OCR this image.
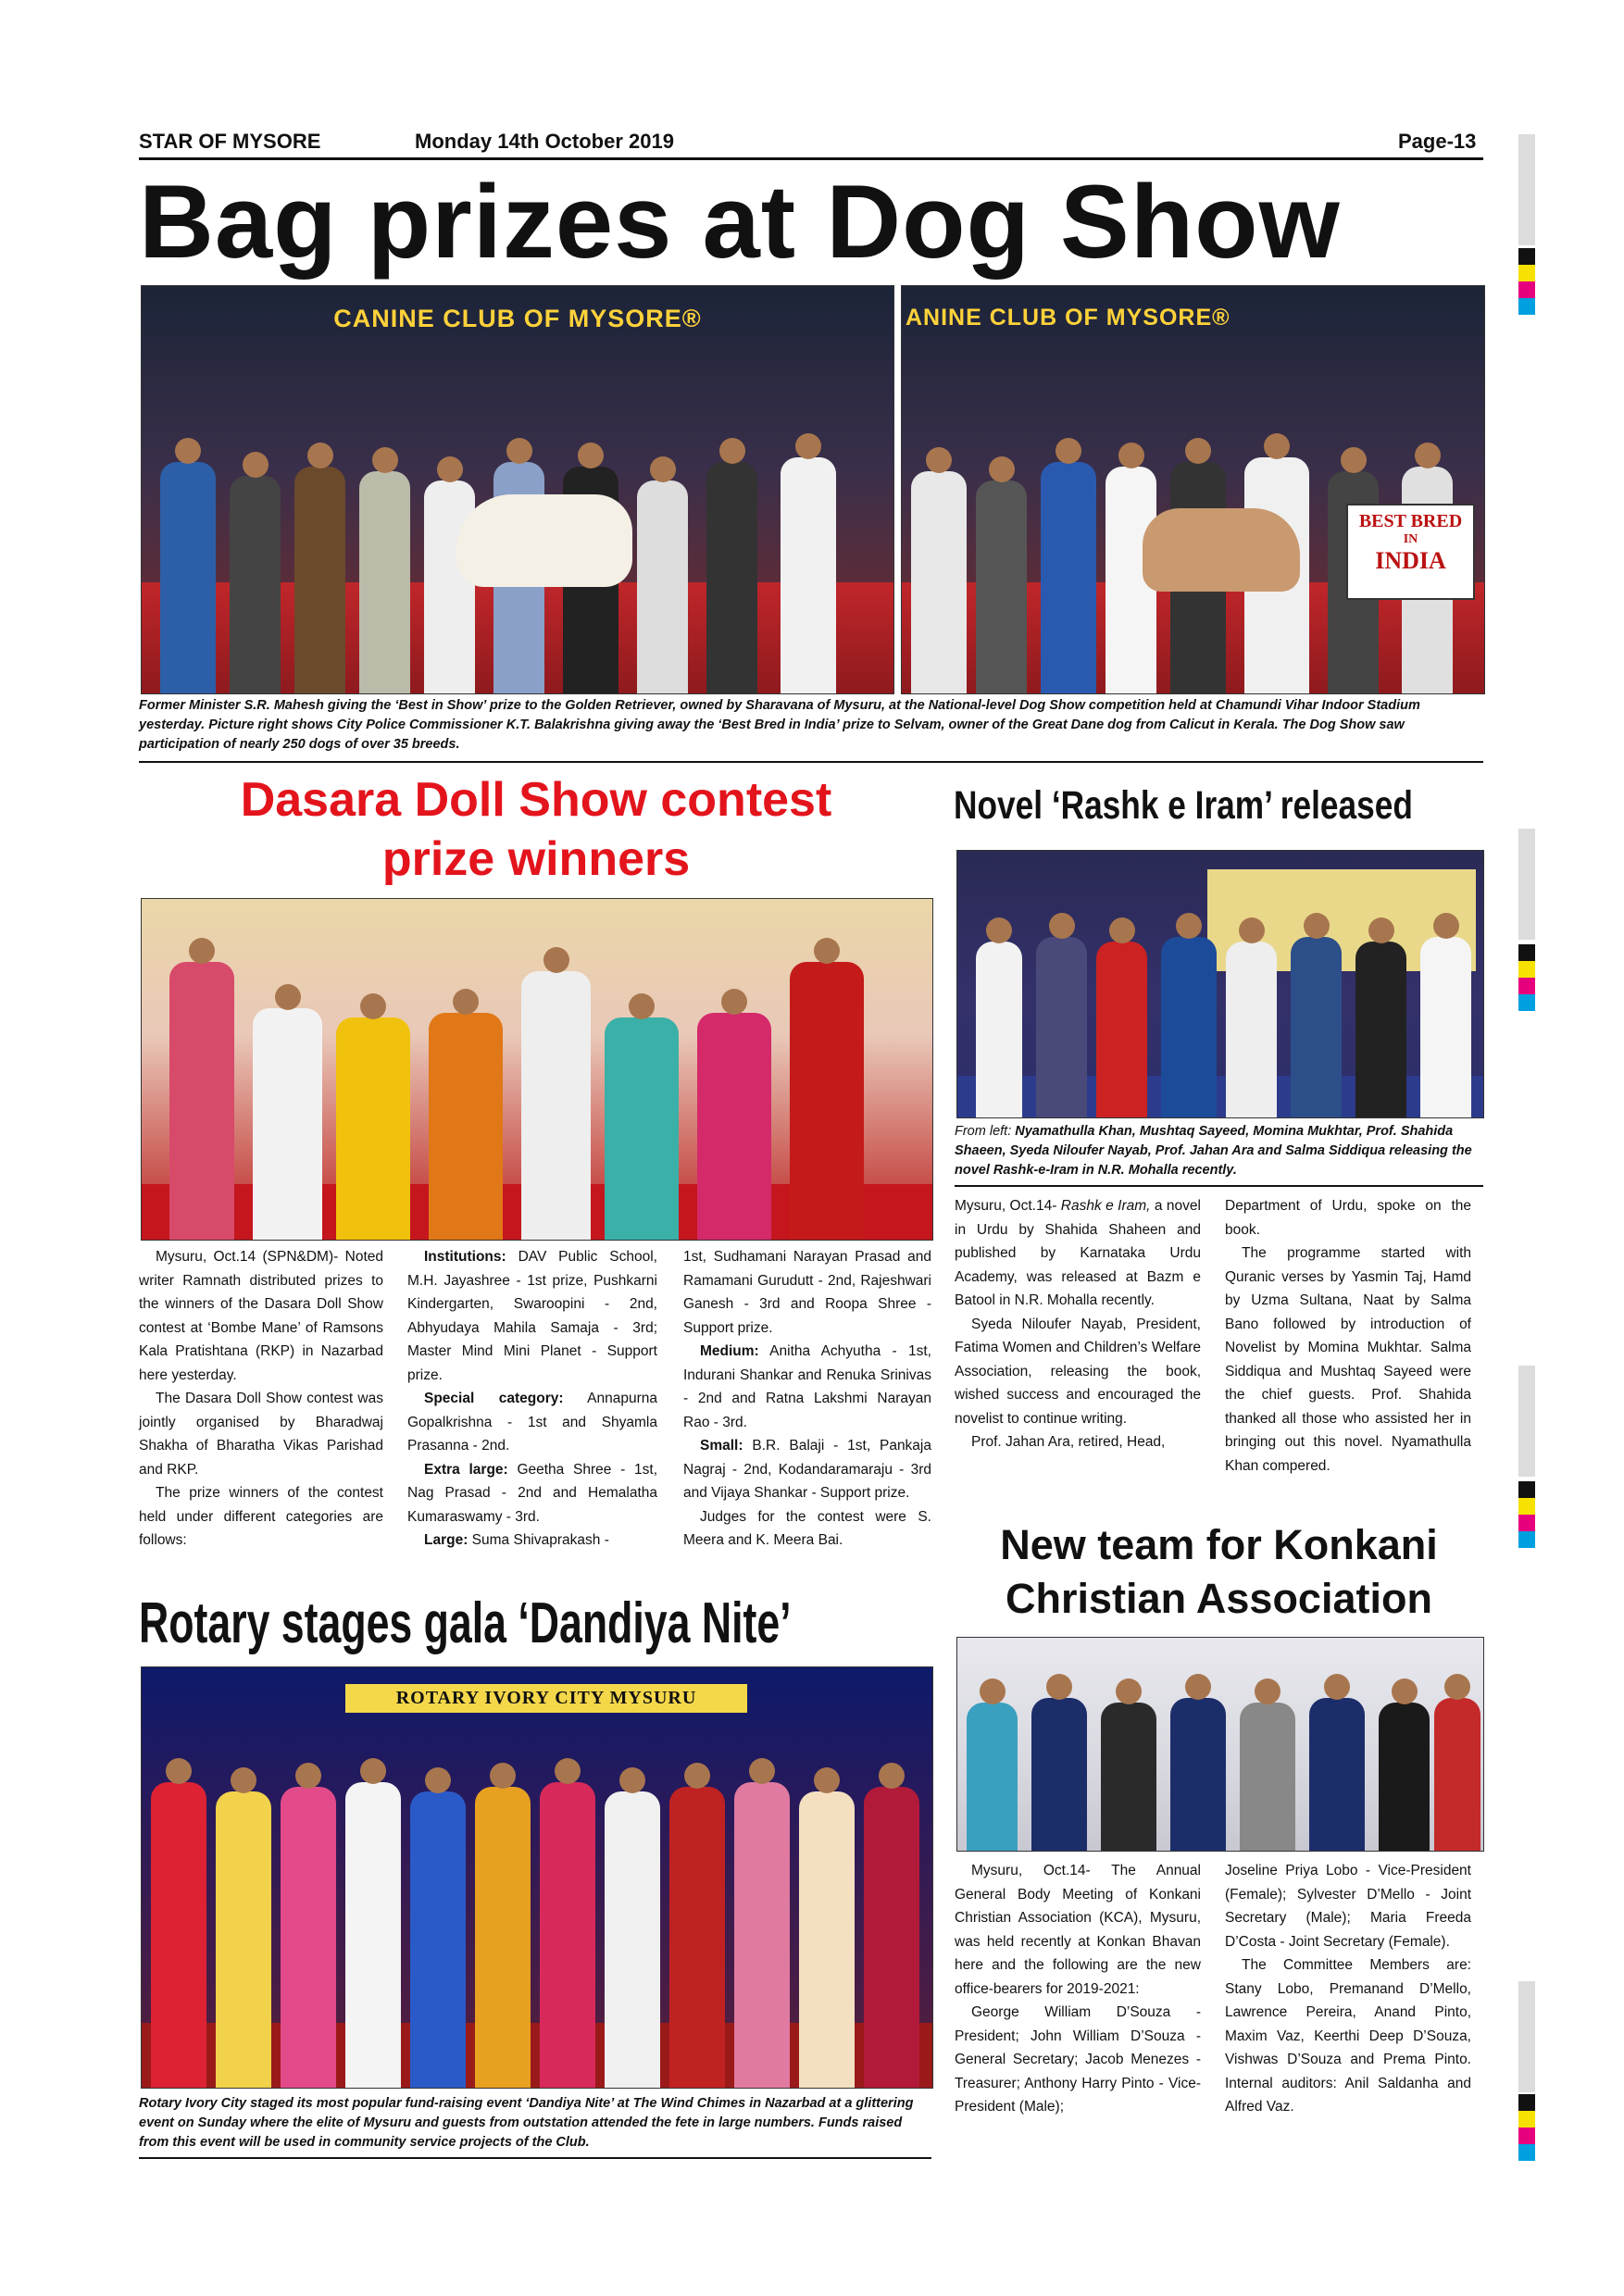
STAR OF MYSORE	Monday 14th October 2019	Page-13
Bag prizes at Dog Show
CANINE CLUB OF MYSORE®	ANINE CLUB OF MYSORE®
BEST BRED
IN
INDIA
Former Minister S.R. Mahesh giving the ‘Best in Show’ prize to the Golden Retriever, owned by Sharavana of Mysuru, at the National-level Dog Show competition held at Chamundi Vihar Indoor Stadium yesterday. Picture right shows City Police Commissioner K.T. Balakrishna giving away the ‘Best Bred in India’ prize to Selvam, owner of the Great Dane dog from Calicut in Kerala. The Dog Show saw participation of nearly 250 dogs of over 35 breeds.
Dasara Doll Show contest
prize winners

Mysuru, Oct.14 (SPN&DM)- Noted writer Ramnath distributed prizes to the winners of the Dasara Doll Show contest at ‘Bombe Mane’ of Ramsons Kala Pratishtana (RKP) in Nazarbad here yesterday.

The Dasara Doll Show contest was jointly organised by Bharadwaj Shakha of Bharatha Vikas Parishad and RKP.

The prize winners of the contest held under different categories are follows:

Institutions: DAV Public School, M.H. Jayashree - 1st prize, Pushkarni Kindergarten, Swaroopini - 2nd, Abhyudaya Mahila Samaja - 3rd; Master Mind Mini Planet - Support prize.

Special category: Annapurna Gopalkrishna - 1st and Shyamla Prasanna - 2nd.

Extra large: Geetha Shree - 1st, Nag Prasad - 2nd and Hemalatha Kumaraswamy - 3rd.

Large: Suma Shivaprakash -

1st, Sudhamani Narayan Prasad and Ramamani Gurudutt - 2nd, Rajeshwari Ganesh - 3rd and Roopa Shree - Support prize.

Medium: Anitha Achyutha - 1st, Indurani Shankar and Renuka Srinivas - 2nd and Ratna Lakshmi Narayan Rao - 3rd.

Small: B.R. Balaji - 1st, Pankaja Nagraj - 2nd, Kodandaramaraju - 3rd and Vijaya Shankar - Support prize.

Judges for the contest were S. Meera and K. Meera Bai.

Novel ‘Rashk e Iram’ released
From left: Nyamathulla Khan, Mushtaq Sayeed, Momina Mukhtar, Prof. Shahida Shaeen, Syeda Niloufer Nayab, Prof. Jahan Ara and Salma Siddiqua releasing the novel Rashk-e-Iram in N.R. Mohalla recently.

Mysuru, Oct.14- Rashk e Iram, a novel in Urdu by Shahida Shaheen and published by Karnataka Urdu Academy, was released at Bazm e Batool in N.R. Mohalla recently.

Syeda Niloufer Nayab, President, Fatima Women and Children’s Welfare Association, releasing the book, wished success and encouraged the novelist to continue writing.

Prof. Jahan Ara, retired, Head,

Department of Urdu, spoke on the book.

The programme started with Quranic verses by Yasmin Taj, Hamd by Uzma Sultana, Naat by Salma Bano followed by introduction of Novelist by Momina Mukhtar. Salma Siddiqua and Mushtaq Sayeed were the chief guests. Prof. Shahida thanked all those who assisted her in bringing out this novel. Nyamathulla Khan compered.

Rotary stages gala ‘Dandiya Nite’
ROTARY IVORY CITY MYSURU
Rotary Ivory City staged its most popular fund-raising event ‘Dandiya Nite’ at The Wind Chimes in Nazarbad at a glittering event on Sunday where the elite of Mysuru and guests from outstation attended the fete in large numbers. Funds raised from this event will be used in community service projects of the Club.
New team for Konkani
Christian Association

Mysuru, Oct.14- The Annual General Body Meeting of Konkani Christian Association (KCA), Mysuru, was held recently at Konkan Bhavan here and the following are the new office-bearers for 2019-2021:

George William D’Souza - President; John William D’Souza - General Secretary; Jacob Menezes - Treasurer; Anthony Harry Pinto - Vice-President (Male);

Joseline Priya Lobo - Vice-President (Female); Sylvester D’Mello - Joint Secretary (Male); Maria Freeda D’Costa - Joint Secretary (Female).

The Committee Members are: Stany Lobo, Premanand D’Mello, Lawrence Pereira, Anand Pinto, Maxim Vaz, Keerthi Deep D’Souza, Vishwas D’Souza and Prema Pinto. Internal auditors: Anil Saldanha and Alfred Vaz.
